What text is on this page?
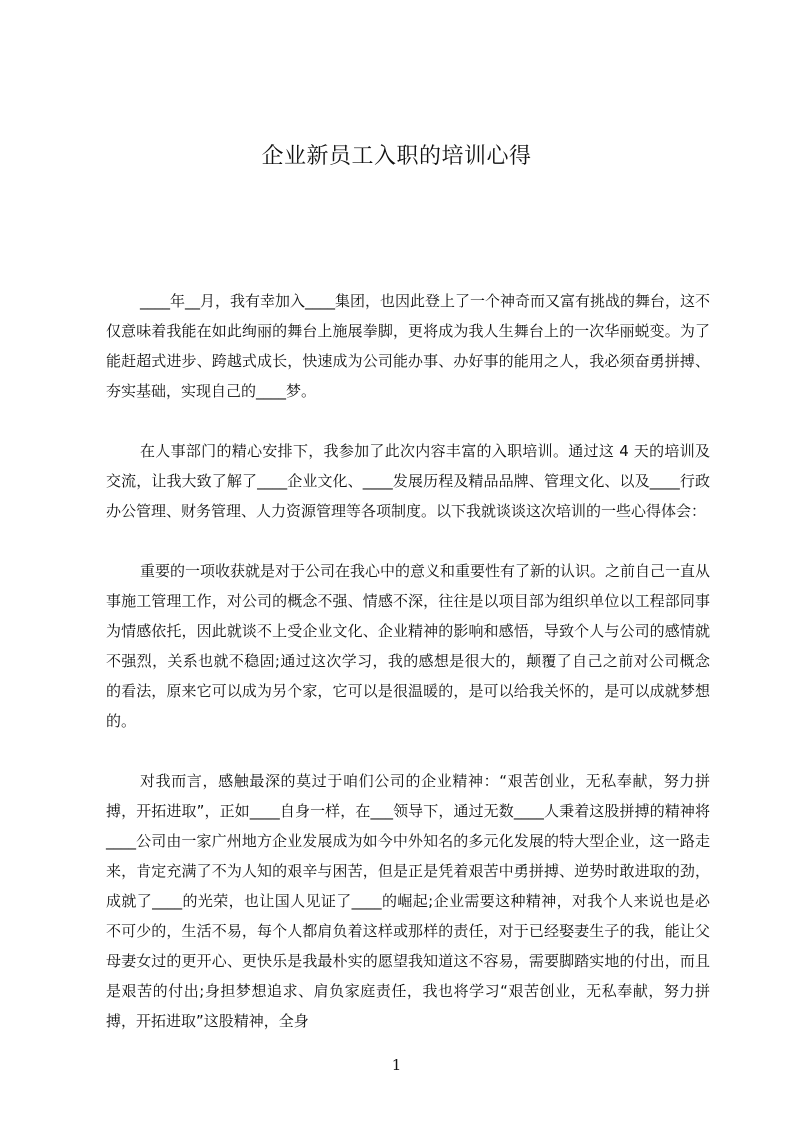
企业新员工入职的培训心得

____年__月，我有幸加入____集团，也因此登上了一个神奇而又富有挑战的舞台，这不仅意味着我能在如此绚丽的舞台上施展拳脚，更将成为我人生舞台上的一次华丽蜕变。为了能赶超式进步、跨越式成长，快速成为公司能办事、办好事的能用之人，我必须奋勇拼搏、夯实基础，实现自己的____梦。

在人事部门的精心安排下，我参加了此次内容丰富的入职培训。通过这 4 天的培训及交流，让我大致了解了____企业文化、____发展历程及精品品牌、管理文化、以及____行政办公管理、财务管理、人力资源管理等各项制度。以下我就谈谈这次培训的一些心得体会：

重要的一项收获就是对于公司在我心中的意义和重要性有了新的认识。之前自己一直从事施工管理工作，对公司的概念不强、情感不深，往往是以项目部为组织单位以工程部同事为情感依托，因此就谈不上受企业文化、企业精神的影响和感悟，导致个人与公司的感情就不强烈，关系也就不稳固;通过这次学习，我的感想是很大的，颠覆了自己之前对公司概念的看法，原来它可以成为另个家，它可以是很温暖的，是可以给我关怀的，是可以成就梦想的。

对我而言，感触最深的莫过于咱们公司的企业精神：“艰苦创业，无私奉献，努力拼搏，开拓进取”，正如____自身一样，在___领导下，通过无数____人秉着这股拼搏的精神将____公司由一家广州地方企业发展成为如今中外知名的多元化发展的特大型企业，这一路走来，肯定充满了不为人知的艰辛与困苦，但是正是凭着艰苦中勇拼搏、逆势时敢进取的劲，成就了____的光荣，也让国人见证了____的崛起;企业需要这种精神，对我个人来说也是必不可少的，生活不易，每个人都肩负着这样或那样的责任，对于已经娶妻生子的我，能让父母妻女过的更开心、更快乐是我最朴实的愿望我知道这不容易，需要脚踏实地的付出，而且是艰苦的付出;身担梦想追求、肩负家庭责任，我也将学习“艰苦创业，无私奉献，努力拼搏，开拓进取”这股精神，全身

1
